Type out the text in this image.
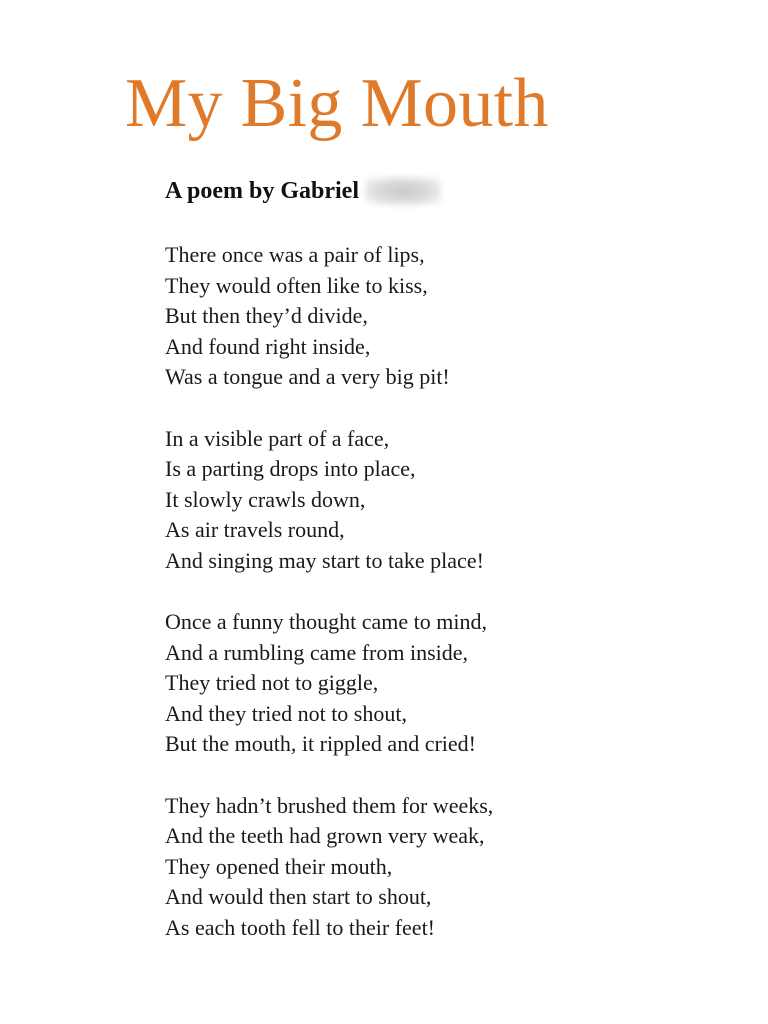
My Big Mouth
A poem by Gabriel
There once was a pair of lips,
They would often like to kiss,
But then they’d divide,
And found right inside,
Was a tongue and a very big pit!
In a visible part of a face,
Is a parting drops into place,
It slowly crawls down,
As air travels round,
And singing may start to take place!
Once a funny thought came to mind,
And a rumbling came from inside,
They tried not to giggle,
And they tried not to shout,
But the mouth, it rippled and cried!
They hadn’t brushed them for weeks,
And the teeth had grown very weak,
They opened their mouth,
And would then start to shout,
As each tooth fell to their feet!
